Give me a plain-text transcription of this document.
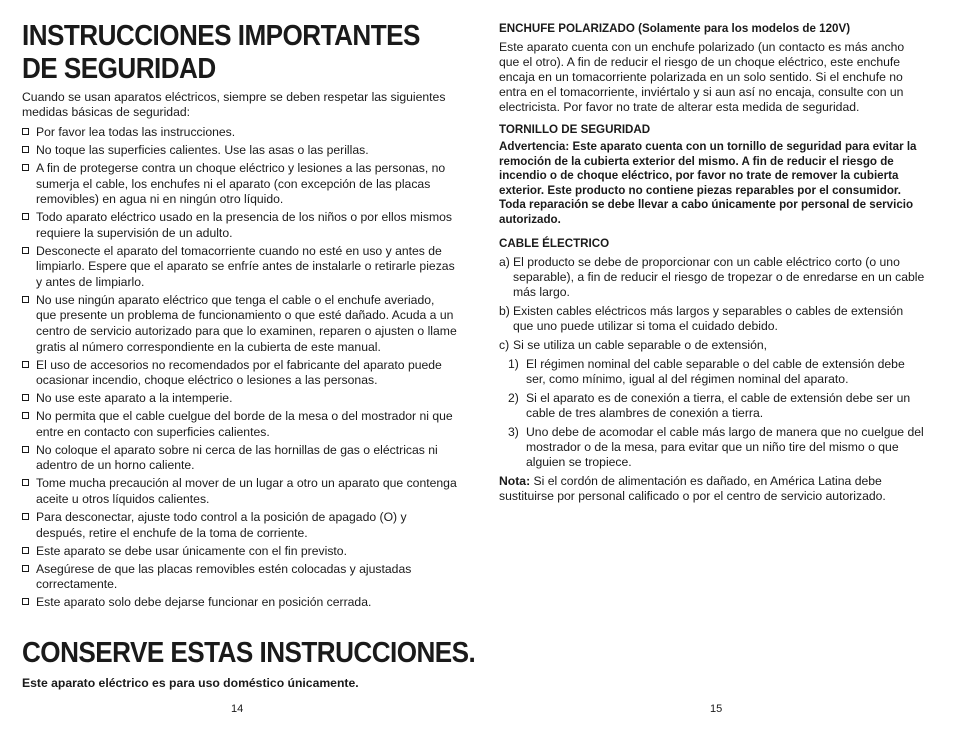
INSTRUCCIONES IMPORTANTES
DE SEGURIDAD

Cuando se usan aparatos eléctricos, siempre se deben respetar las siguientes medidas básicas de seguridad:

Por favor lea todas las instrucciones.
No toque las superficies calientes. Use las asas o las perillas.
A fin de protegerse contra un choque eléctrico y lesiones a las personas, no sumerja el cable, los enchufes ni el aparato (con excepción de las placas removibles) en agua ni en ningún otro líquido.
Todo aparato eléctrico usado en la presencia de los niños o por ellos mismos requiere la supervisión de un adulto.
Desconecte el aparato del tomacorriente cuando no esté en uso y antes de limpiarlo. Espere que el aparato se enfríe antes de instalarle o retirarle piezas y antes de limpiarlo.
No use ningún aparato eléctrico que tenga el cable o el enchufe averiado, que presente un problema de funcionamiento o que esté dañado. Acuda a un centro de servicio autorizado para que lo examinen, reparen o ajusten o llame gratis al número correspondiente en la cubierta de este manual.
El uso de accesorios no recomendados por el fabricante del aparato puede ocasionar incendio, choque eléctrico o lesiones a las personas.
No use este aparato a la intemperie.
No permita que el cable cuelgue del borde de la mesa o del mostrador ni que entre en contacto con superficies calientes.
No coloque el aparato sobre ni cerca de las hornillas de gas o eléctricas ni adentro de un horno caliente.
Tome mucha precaución al mover de un lugar a otro un aparato que contenga aceite u otros líquidos calientes.
Para desconectar, ajuste todo control a la posición de apagado (O) y después, retire el enchufe de la toma de corriente.
Este aparato se debe usar únicamente con el fin previsto.
Asegúrese de que las placas removibles estén colocadas y ajustadas correctamente.
Este aparato solo debe dejarse funcionar en posición cerrada.
CONSERVE ESTAS INSTRUCCIONES.

Este aparato eléctrico es para uso doméstico únicamente.

14

ENCHUFE POLARIZADO (Solamente para los modelos de 120V)

Este aparato cuenta con un enchufe polarizado (un contacto es más ancho que el otro). A fin de reducir el riesgo de un choque eléctrico, este enchufe encaja en un tomacorriente polarizada en un solo sentido. Si el enchufe no entra en el tomacorriente, inviértalo y si aun así no encaja, consulte con un electricista. Por favor no trate de alterar esta medida de seguridad.

TORNILLO DE SEGURIDAD

Advertencia: Este aparato cuenta con un tornillo de seguridad para evitar la remoción de la cubierta exterior del mismo. A fin de reducir el riesgo de incendio o de choque eléctrico, por favor no trate de remover la cubierta exterior. Este producto no contiene piezas reparables por el consumidor. Toda reparación se debe llevar a cabo únicamente por personal de servicio autorizado.

CABLE ÉLECTRICO

a) El producto se debe de proporcionar con un cable eléctrico corto (o uno separable), a fin de reducir el riesgo de tropezar o de enredarse en un cable más largo.
b) Existen cables eléctricos más largos y separables o cables de extensión que uno puede utilizar si toma el cuidado debido.
c) Si se utiliza un cable separable o de extensión,
1) El régimen nominal del cable separable o del cable de extensión debe ser, como mínimo, igual al del régimen nominal del aparato.
2) Si el aparato es de conexión a tierra, el cable de extensión debe ser un cable de tres alambres de conexión a tierra.
3) Uno debe de acomodar el cable más largo de manera que no cuelgue del mostrador o de la mesa, para evitar que un niño tire del mismo o que alguien se tropiece.

Nota: Si el cordón de alimentación es dañado, en América Latina debe sustituirse por personal calificado o por el centro de servicio autorizado.

15
